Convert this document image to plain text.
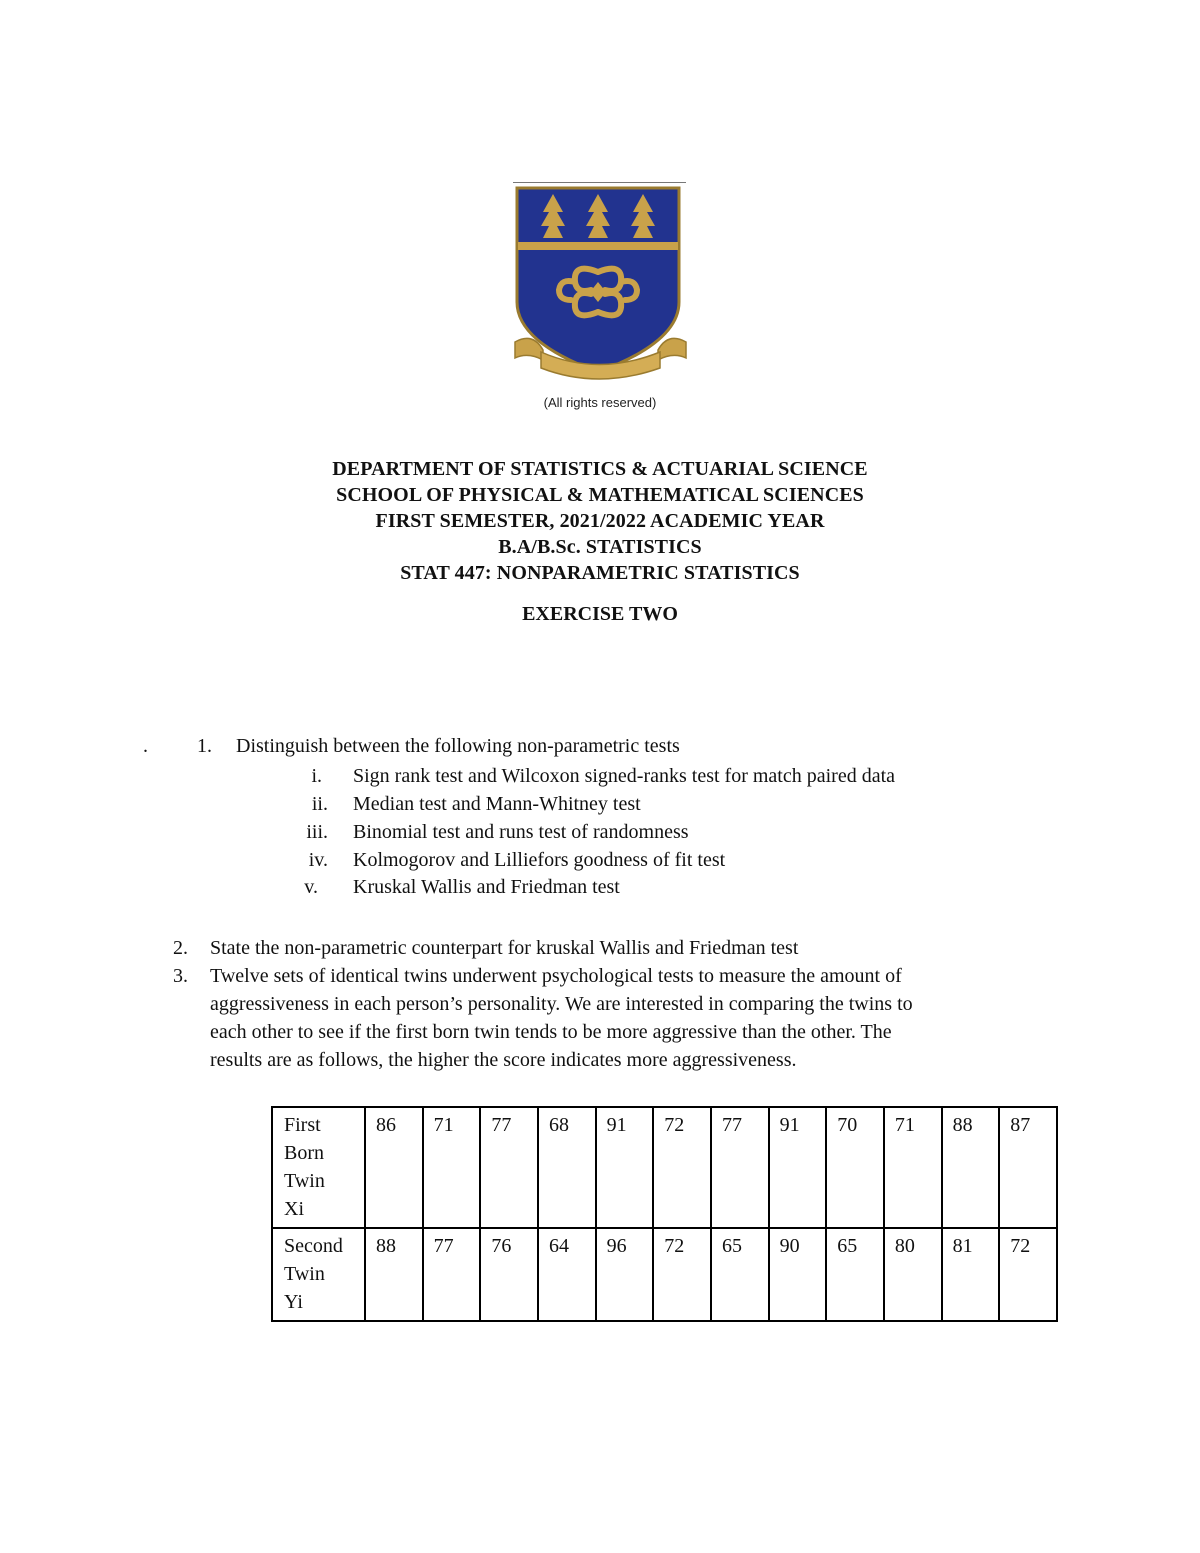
(All rights reserved)
DEPARTMENT OF STATISTICS & ACTUARIAL SCIENCE
SCHOOL OF PHYSICAL & MATHEMATICAL SCIENCES
FIRST SEMESTER, 2021/2022 ACADEMIC YEAR
B.A/B.Sc. STATISTICS
STAT 447: NONPARAMETRIC STATISTICS
EXERCISE TWO
. 1. Distinguish between the following non-parametric tests
i. Sign rank test and Wilcoxon signed-ranks test for match paired data
ii. Median test and Mann-Whitney test
iii. Binomial test and runs test of randomness
iv. Kolmogorov and Lilliefors goodness of fit test
v. Kruskal Wallis and Friedman test
2. State the non-parametric counterpart for kruskal Wallis and Friedman test
3. Twelve sets of identical twins underwent psychological tests to measure the amount of
aggressiveness in each person’s personality. We are interested in comparing the twins to
each other to see if the first born twin tends to be more aggressive than the other. The
results are as follows, the higher the score indicates more aggressiveness.
First
Born
Twin
Xi	86	71	77	68	91	72	77	91	70	71	88	87

Second
Twin
Yi	88	77	76	64	96	72	65	90	65	80	81	72
